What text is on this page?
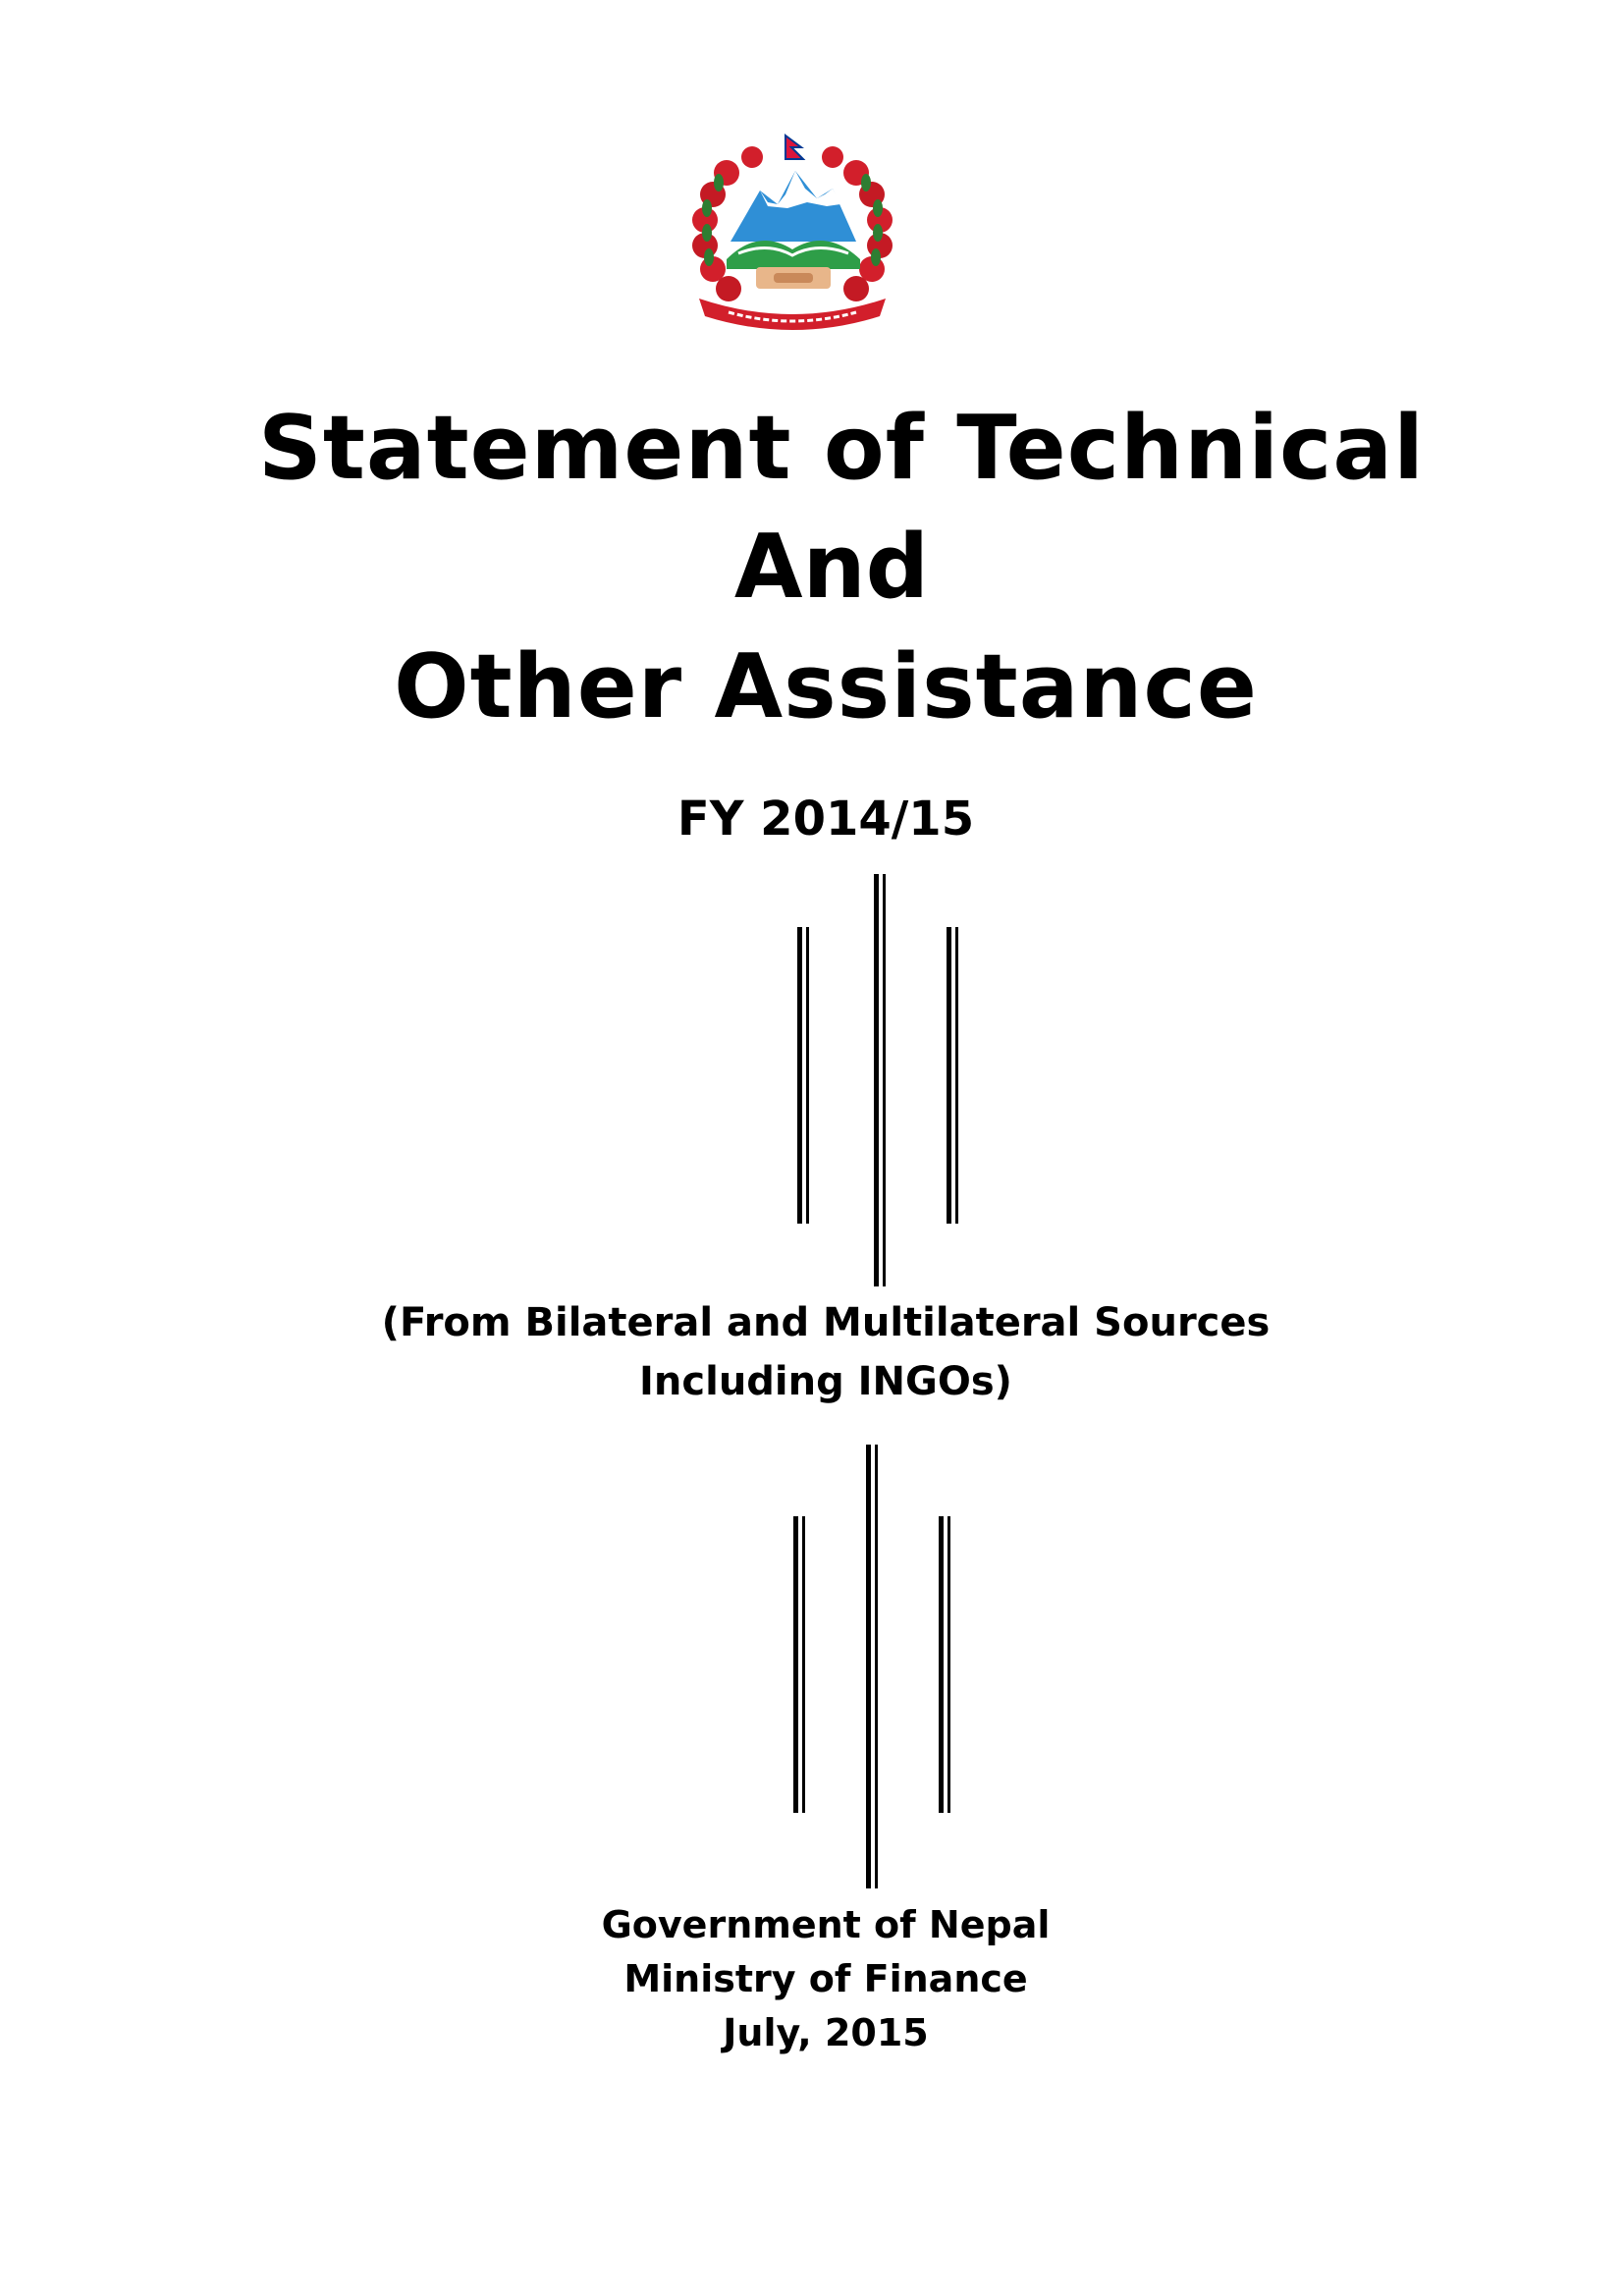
Statement of Technical
And
Other Assistance
FY 2014/15
(From Bilateral and Multilateral Sources
Including INGOs)
Government of Nepal
Ministry of Finance
July, 2015
